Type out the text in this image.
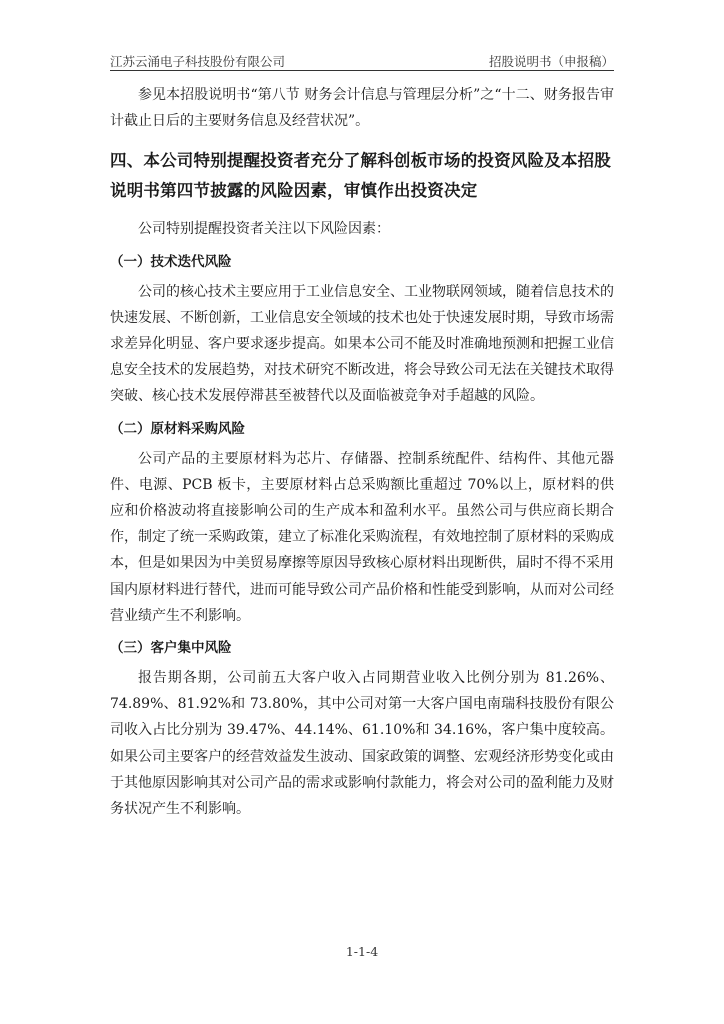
江苏云涌电子科技股份有限公司	招股说明书（申报稿）

参见本招股说明书“第八节 财务会计信息与管理层分析”之“十二、财务报告审计截止日后的主要财务信息及经营状况”。

四、本公司特别提醒投资者充分了解科创板市场的投资风险及本招股说明书第四节披露的风险因素，审慎作出投资决定

公司特别提醒投资者关注以下风险因素：

（一）技术迭代风险

公司的核心技术主要应用于工业信息安全、工业物联网领域，随着信息技术的快速发展、不断创新，工业信息安全领域的技术也处于快速发展时期，导致市场需求差异化明显、客户要求逐步提高。如果本公司不能及时准确地预测和把握工业信息安全技术的发展趋势，对技术研究不断改进，将会导致公司无法在关键技术取得突破、核心技术发展停滞甚至被替代以及面临被竞争对手超越的风险。

（二）原材料采购风险

公司产品的主要原材料为芯片、存储器、控制系统配件、结构件、其他元器件、电源、PCB 板卡，主要原材料占总采购额比重超过 70%以上，原材料的供应和价格波动将直接影响公司的生产成本和盈利水平。虽然公司与供应商长期合作，制定了统一采购政策，建立了标准化采购流程，有效地控制了原材料的采购成本，但是如果因为中美贸易摩擦等原因导致核心原材料出现断供，届时不得不采用国内原材料进行替代，进而可能导致公司产品价格和性能受到影响，从而对公司经营业绩产生不利影响。

（三）客户集中风险

报告期各期，公司前五大客户收入占同期营业收入比例分别为 81.26%、74.89%、81.92%和 73.80%，其中公司对第一大客户国电南瑞科技股份有限公司收入占比分别为 39.47%、44.14%、61.10%和 34.16%，客户集中度较高。如果公司主要客户的经营效益发生波动、国家政策的调整、宏观经济形势变化或由于其他原因影响其对公司产品的需求或影响付款能力，将会对公司的盈利能力及财务状况产生不利影响。

1-1-4
